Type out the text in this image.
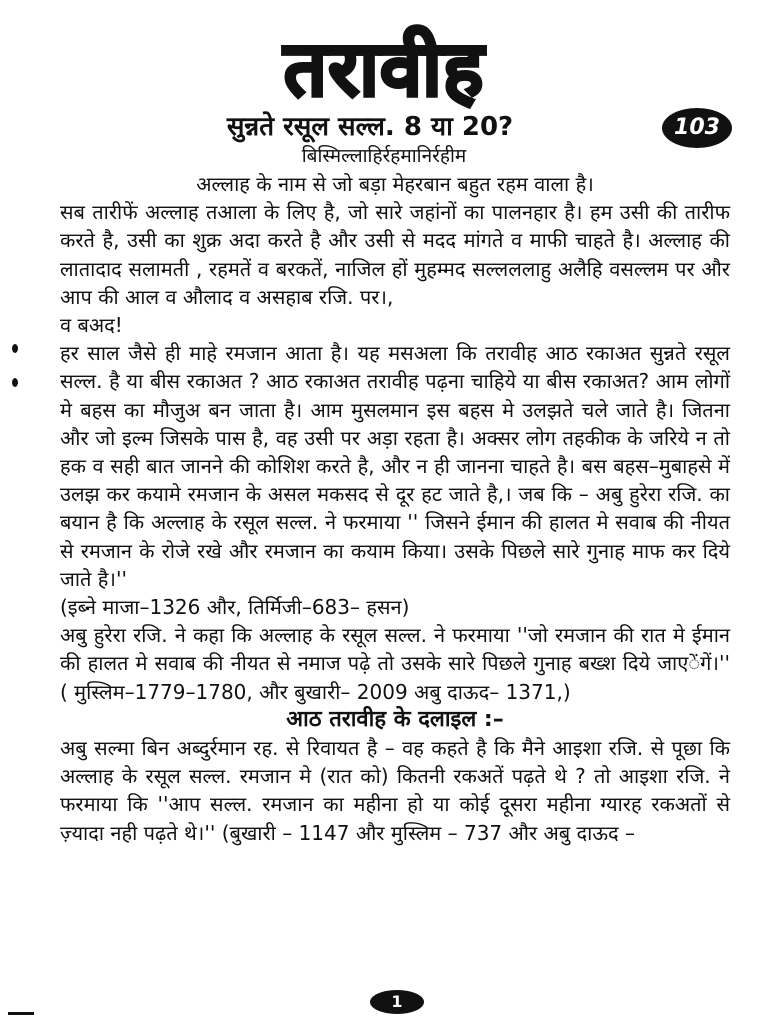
तरावीह
सुन्नते रसूल सल्ल. 8 या 20?	103
बिस्मिल्लाहिर्रहमानिर्रहीम

अल्लाह के नाम से जो बड़ा मेहरबान बहुत रहम वाला है।

सब तारीफें अल्लाह तआला के लिए है, जो सारे जहांनों का पालनहार है। हम उसी की तारीफ करते है, उसी का शुक्र अदा करते है और उसी से मदद मांगते व माफी चाहते है। अल्लाह की लातादाद सलामती , रहमतें व बरकतें, नाजिल हों मुहम्मद सल्लललाहु अलैहि वसल्लम पर और आप की आल व औलाद व असहाब रजि. पर।,

व बअद!

हर साल जैसे ही माहे रमजान आता है। यह मसअला कि तरावीह आठ रकाअत सुन्नते रसूल सल्ल. है या बीस रकाअत ? आठ रकाअत तरावीह पढ़ना चाहिये या बीस रकाअत? आम लोगों मे बहस का मौजुअ बन जाता है। आम मुसलमान इस बहस मे उलझते चले जाते है। जितना और जो इल्म जिसके पास है, वह उसी पर अड़ा रहता है। अक्सर लोग तहकीक के जरिये न तो हक व सही बात जानने की कोशिश करते है, और न ही जानना चाहते है। बस बहस–मुबाहसे में उलझ कर कयामे रमजान के असल मकसद से दूर हट जाते है,। जब कि – अबु हुरेरा रजि. का बयान है कि अल्लाह के रसूल सल्ल. ने फरमाया '' जिसने ईमान की हालत मे सवाब की नीयत से रमजान के रोजे रखे और रमजान का कयाम किया। उसके पिछले सारे गुनाह माफ कर दिये जाते है।''

(इब्ने माजा–1326 और, तिर्मिजी–683– हसन)

अबु हुरेरा रजि. ने कहा कि अल्लाह के रसूल सल्ल. ने फरमाया ''जो रमजान की रात मे ईमान की हालत मे सवाब की नीयत से नमाज पढ़े तो उसके सारे पिछले गुनाह बख्श दिये जाएेंगें।'' ( मुस्लिम–1779–1780, और बुखारी– 2009 अबु दाऊद– 1371,)

आठ तरावीह के दलाइल :–

अबु सल्मा बिन अब्दुर्रमान रह. से रिवायत है – वह कहते है कि मैने आइशा रजि. से पूछा कि अल्लाह के रसूल सल्ल. रमजान मे (रात को) कितनी रकअतें पढ़ते थे ? तो आइशा रजि. ने फरमाया कि ''आप सल्ल. रमजान का महीना हो या कोई दूसरा महीना ग्यारह रकअतों से ज़्यादा नही पढ़ते थे।'' (बुखारी – 1147 और मुस्लिम – 737 और अबु दाऊद –

1
